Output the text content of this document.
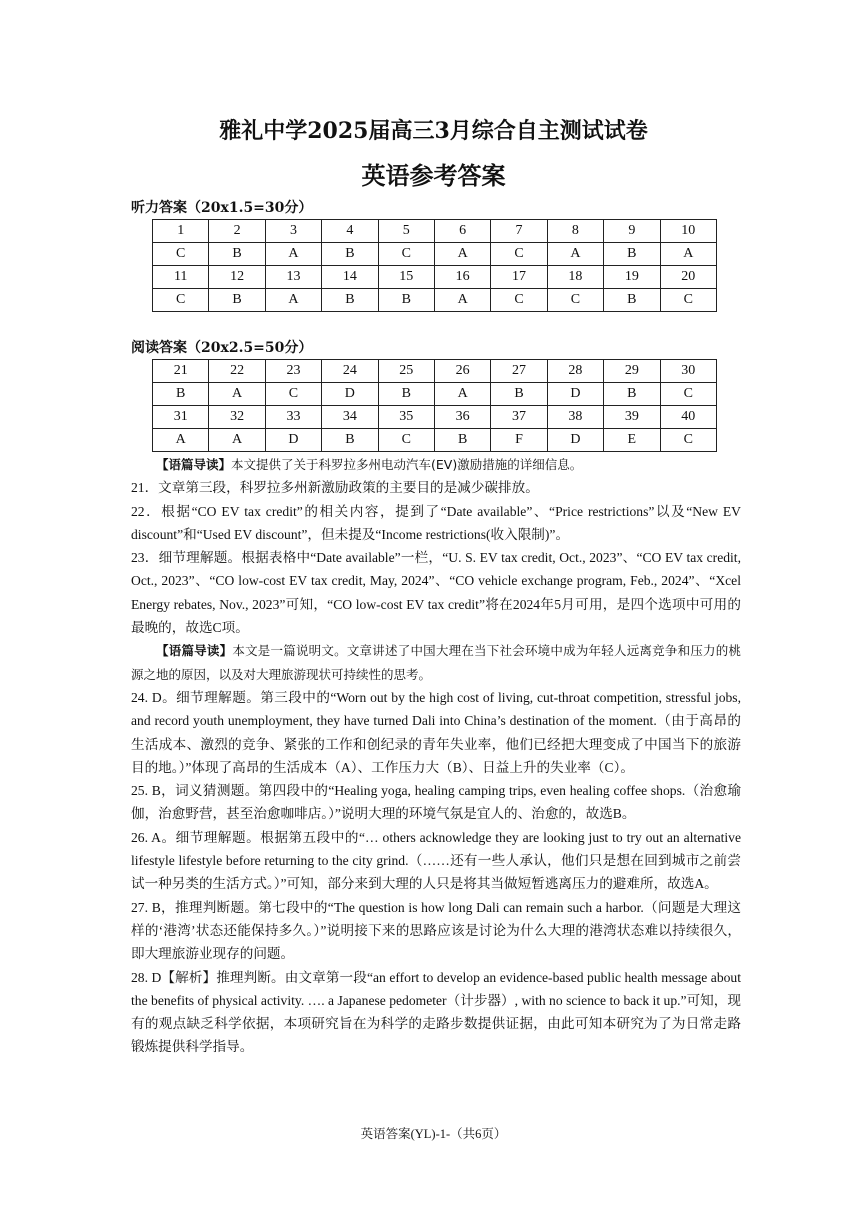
雅礼中学2025届高三3月综合自主测试试卷
英语参考答案

听力答案（20x1.5=30分）

1	2	3	4	5	6	7	8	9	10
C	B	A	B	C	A	C	A	B	A
11	12	13	14	15	16	17	18	19	20
C	B	A	B	B	A	C	C	B	C

阅读答案（20x2.5=50分）

21	22	23	24	25	26	27	28	29	30
B	A	C	D	B	A	B	D	B	C
31	32	33	34	35	36	37	38	39	40
A	A	D	B	C	B	F	D	E	C

【语篇导读】本文提供了关于科罗拉多州电动汽车(EV)激励措施的详细信息。

21．文章第三段，科罗拉多州新激励政策的主要目的是减少碳排放。

22．根据“CO EV tax credit”的相关内容，提到了“Date available”、“Price restrictions”以及“New EV discount”和“Used EV discount”，但未提及“Income restrictions(收入限制)”。

23．细节理解题。根据表格中“Date available”一栏，“U. S. EV tax credit, Oct., 2023”、“CO EV tax credit, Oct., 2023”、“CO low-cost EV tax credit, May, 2024”、“CO vehicle exchange program, Feb., 2024”、“Xcel Energy rebates, Nov., 2023”可知，“CO low-cost EV tax credit”将在2024年5月可用，是四个选项中可用的最晚的，故选C项。

【语篇导读】本文是一篇说明文。文章讲述了中国大理在当下社会环境中成为年轻人远离竞争和压力的桃源之地的原因，以及对大理旅游现状可持续性的思考。

24. D。细节理解题。第三段中的“Worn out by the high cost of living, cut-throat competition, stressful jobs, and record youth unemployment, they have turned Dali into China’s destination of the moment.（由于高昂的生活成本、激烈的竞争、紧张的工作和创纪录的青年失业率，他们已经把大理变成了中国当下的旅游目的地。）”体现了高昂的生活成本（A）、工作压力大（B）、日益上升的失业率（C）。

25. B，词义猜测题。第四段中的“Healing yoga, healing camping trips, even healing coffee shops.（治愈瑜伽，治愈野营，甚至治愈咖啡店。）”说明大理的环境气氛是宜人的、治愈的，故选B。

26. A。细节理解题。根据第五段中的“… others acknowledge they are looking just to try out an alternative lifestyle lifestyle before returning to the city grind.（……还有一些人承认，他们只是想在回到城市之前尝试一种另类的生活方式。）”可知，部分来到大理的人只是将其当做短暂逃离压力的避难所，故选A。

27. B，推理判断题。第七段中的“The question is how long Dali can remain such a harbor.（问题是大理这样的‘港湾’状态还能保持多久。）”说明接下来的思路应该是讨论为什么大理的港湾状态难以持续很久，即大理旅游业现存的问题。

28. D【解析】推理判断。由文章第一段“an effort to develop an evidence-based public health message about the benefits of physical activity. …. a Japanese pedometer（计步器）, with no science to back it up.”可知，现有的观点缺乏科学依据，本项研究旨在为科学的走路步数提供证据，由此可知本研究为了为日常走路锻炼提供科学指导。

英语答案(YL)-1-（共6页）
